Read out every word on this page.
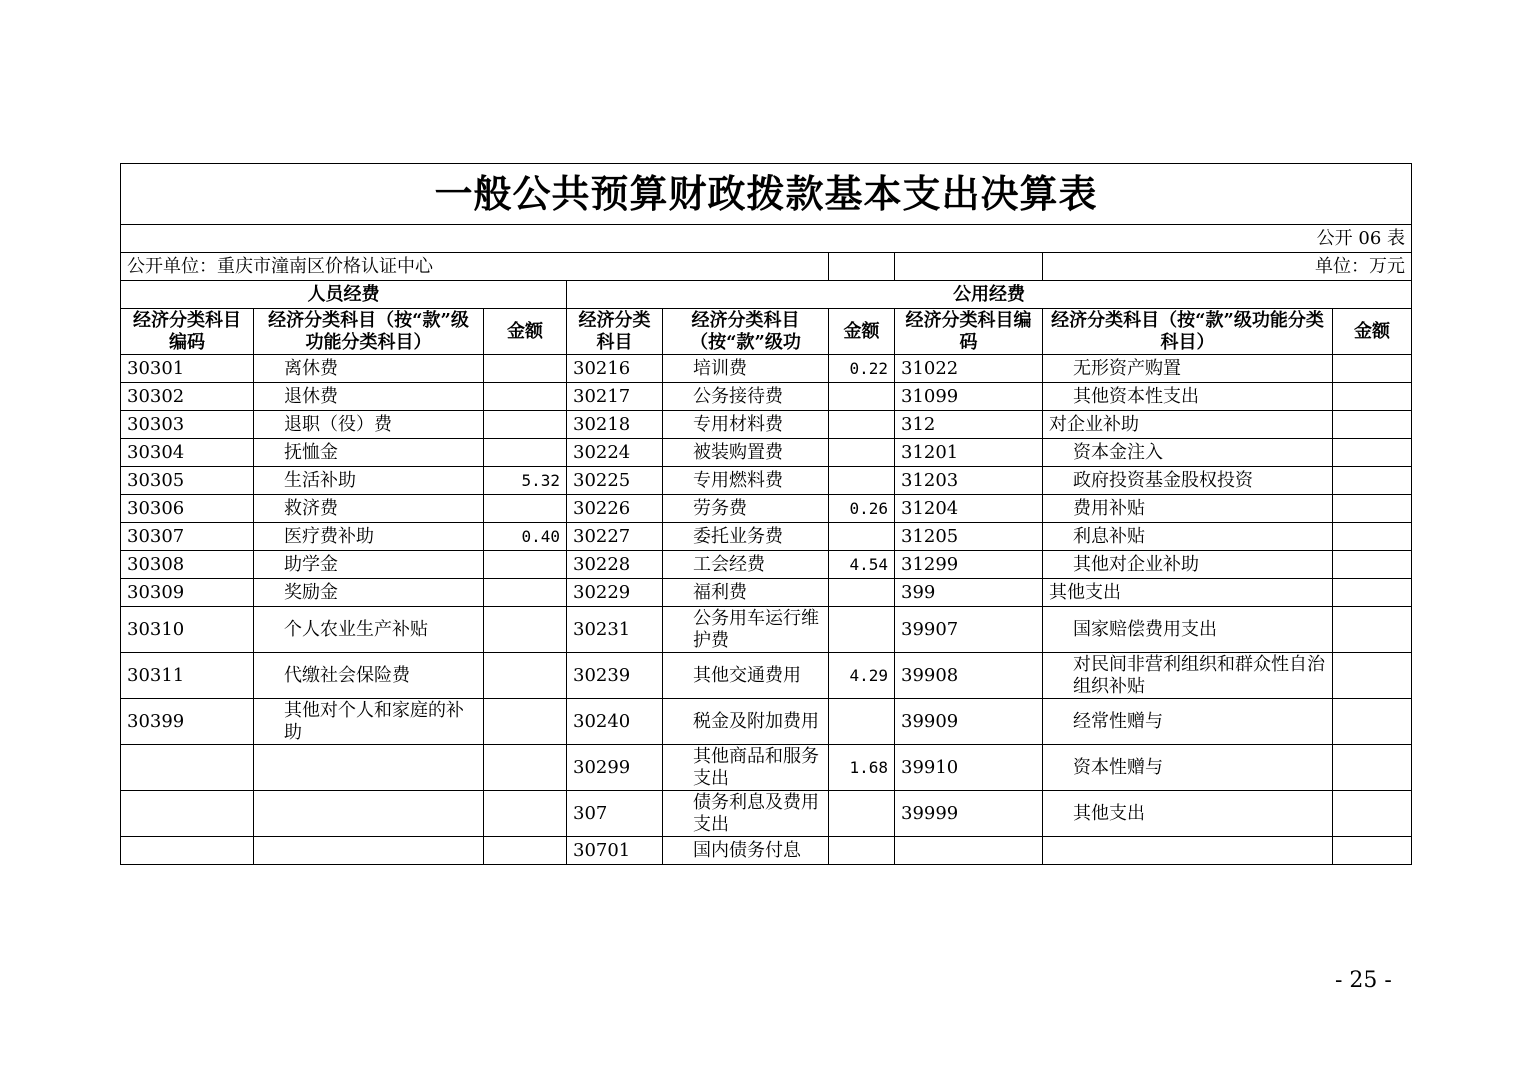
一般公共预算财政拨款基本支出决算表								
公开 06 表								
公开单位：重庆市潼南区价格认证中心							单位：万元	
人员经费			公用经费					
经济分类科目编码	经济分类科目（按“款”级功能分类科目）	金额	经济分类科目	经济分类科目（按“款”级功	金额	经济分类科目编码	经济分类科目（按“款”级功能分类科目）	金额
30301	离休费		30216	培训费	0.22	31022	无形资产购置	
30302	退休费		30217	公务接待费		31099	其他资本性支出	
30303	退职（役）费		30218	专用材料费		312	对企业补助	
30304	抚恤金		30224	被装购置费		31201	资本金注入	
30305	生活补助	5.32	30225	专用燃料费		31203	政府投资基金股权投资	
30306	救济费		30226	劳务费	0.26	31204	费用补贴	
30307	医疗费补助	0.40	30227	委托业务费		31205	利息补贴	
30308	助学金		30228	工会经费	4.54	31299	其他对企业补助	
30309	奖励金		30229	福利费		399	其他支出	
30310	个人农业生产补贴		30231	公务用车运行维护费		39907	国家赔偿费用支出	
30311	代缴社会保险费		30239	其他交通费用	4.29	39908	对民间非营利组织和群众性自治组织补贴	
30399	其他对个人和家庭的补助		30240	税金及附加费用		39909	经常性赠与	
			30299	其他商品和服务支出	1.68	39910	资本性赠与	
			307	债务利息及费用支出		39999	其他支出	
			30701	国内债务付息				
- 25 -
